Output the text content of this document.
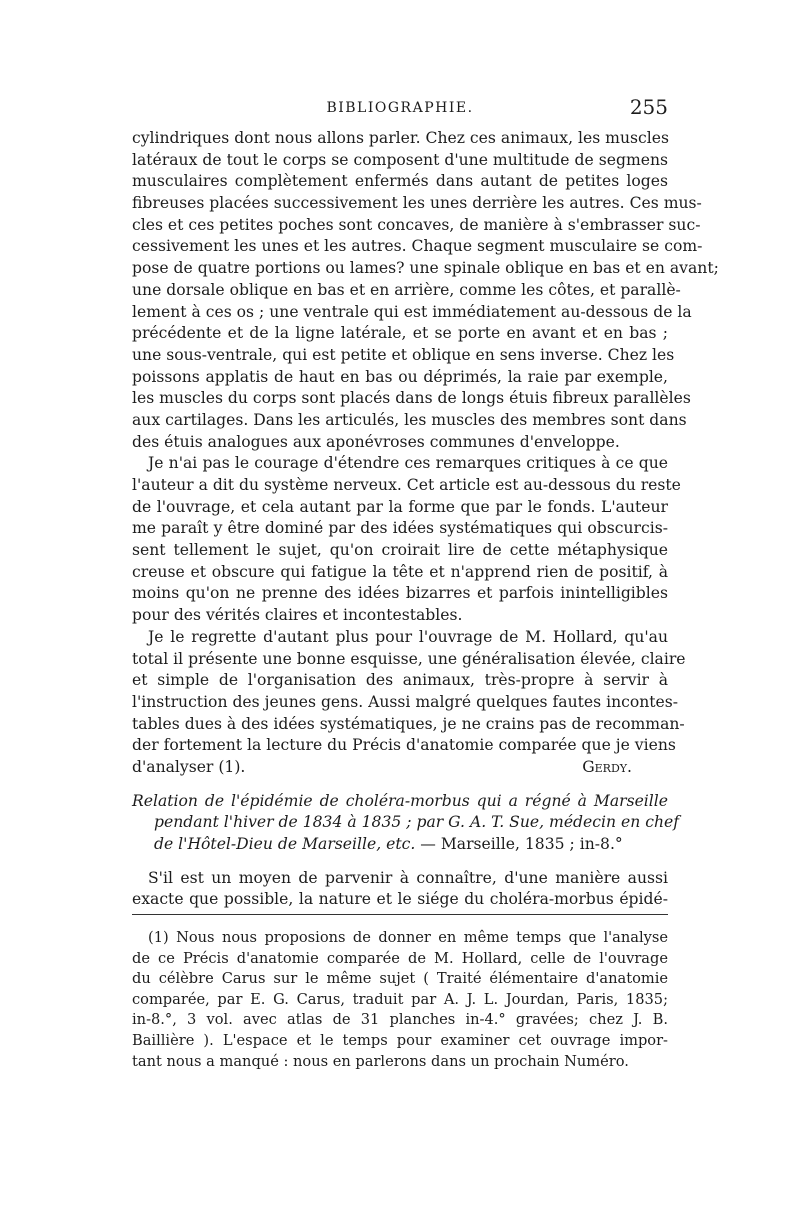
BIBLIOGRAPHIE.	255
cylindriques dont nous allons parler. Chez ces animaux, les muscles
latéraux de tout le corps se composent d'une multitude de segmens
musculaires complètement enfermés dans autant de petites loges
fibreuses placées successivement les unes derrière les autres. Ces mus-
cles et ces petites poches sont concaves, de manière à s'embrasser suc-
cessivement les unes et les autres. Chaque segment musculaire se com-
pose de quatre portions ou lames? une spinale oblique en bas et en avant;
une dorsale oblique en bas et en arrière, comme les côtes, et parallè-
lement à ces os ; une ventrale qui est immédiatement au-dessous de la
précédente et de la ligne latérale, et se porte en avant et en bas ;
une sous-ventrale, qui est petite et oblique en sens inverse. Chez les
poissons applatis de haut en bas ou déprimés, la raie par exemple,
les muscles du corps sont placés dans de longs étuis fibreux parallèles
aux cartilages. Dans les articulés, les muscles des membres sont dans
des étuis analogues aux aponévroses communes d'enveloppe.
Je n'ai pas le courage d'étendre ces remarques critiques à ce que
l'auteur a dit du système nerveux. Cet article est au-dessous du reste
de l'ouvrage, et cela autant par la forme que par le fonds. L'auteur
me paraît y être dominé par des idées systématiques qui obscurcis-
sent tellement le sujet, qu'on croirait lire de cette métaphysique
creuse et obscure qui fatigue la tête et n'apprend rien de positif, à
moins qu'on ne prenne des idées bizarres et parfois inintelligibles
pour des vérités claires et incontestables.
Je le regrette d'autant plus pour l'ouvrage de M. Hollard, qu'au
total il présente une bonne esquisse, une généralisation élevée, claire
et simple de l'organisation des animaux, très-propre à servir à
l'instruction des jeunes gens. Aussi malgré quelques fautes incontes-
tables dues à des idées systématiques, je ne crains pas de recomman-
der fortement la lecture du Précis d'anatomie comparée que je viens
d'analyser (1).	Gerdy.
Relation de l'épidémie de choléra-morbus qui a régné à Marseille
pendant l'hiver de 1834 à 1835 ; par G. A. T. Sue, médecin en chef
de l'Hôtel-Dieu de Marseille, etc. — Marseille, 1835 ; in-8.°
S'il est un moyen de parvenir à connaître, d'une manière aussi
exacte que possible, la nature et le siége du choléra-morbus épidé-
(1) Nous nous proposions de donner en même temps que l'analyse
de ce Précis d'anatomie comparée de M. Hollard, celle de l'ouvrage
du célèbre Carus sur le même sujet ( Traité élémentaire d'anatomie
comparée, par E. G. Carus, traduit par A. J. L. Jourdan, Paris, 1835;
in-8.°, 3 vol. avec atlas de 31 planches in-4.° gravées; chez J. B.
Baillière ). L'espace et le temps pour examiner cet ouvrage impor-
tant nous a manqué : nous en parlerons dans un prochain Numéro.
